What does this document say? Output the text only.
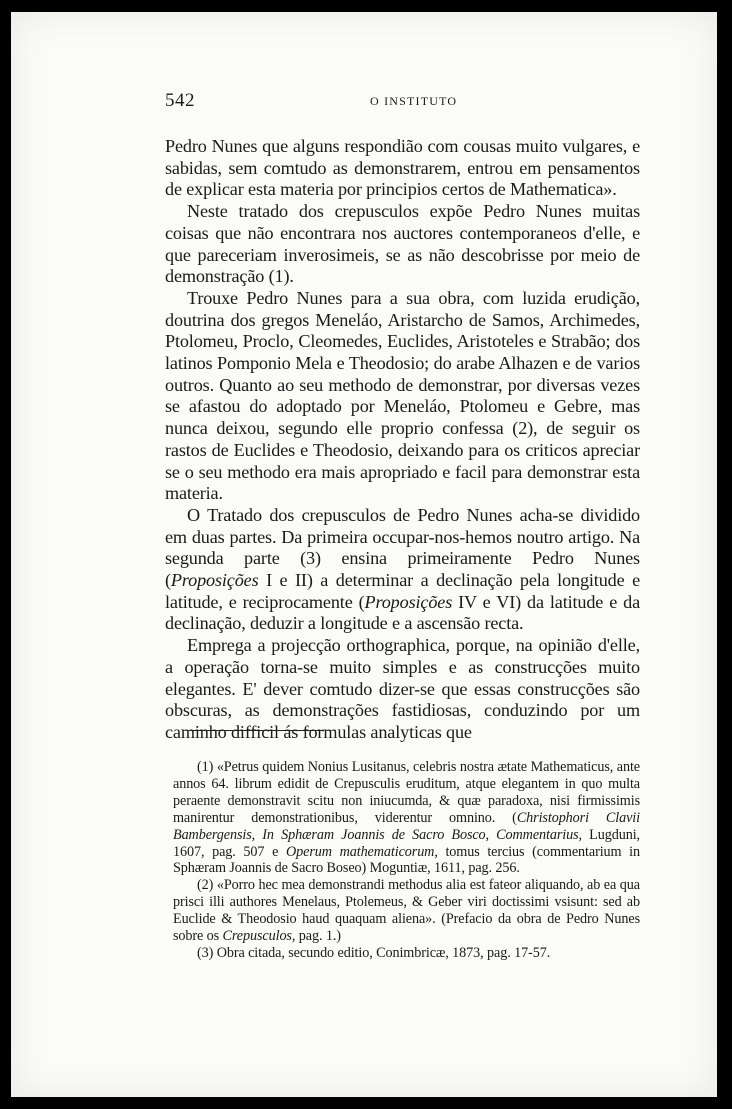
542	O INSTITUTO

Pedro Nunes que alguns respondião com cousas muito vulgares, e sabidas, sem comtudo as demonstrarem, entrou em pensamentos de explicar esta materia por principios certos de Mathematica».

Neste tratado dos crepusculos expõe Pedro Nunes muitas coisas que não encontrara nos auctores contemporaneos d'elle, e que pareceriam inverosimeis, se as não descobrisse por meio de demonstração (1).

Trouxe Pedro Nunes para a sua obra, com luzida erudição, doutrina dos gregos Meneláo, Aristarcho de Samos, Archimedes, Ptolomeu, Proclo, Cleomedes, Euclides, Aristoteles e Strabão; dos latinos Pomponio Mela e Theodosio; do arabe Alhazen e de varios outros. Quanto ao seu methodo de demonstrar, por diversas vezes se afastou do adoptado por Meneláo, Ptolomeu e Gebre, mas nunca deixou, segundo elle proprio confessa (2), de seguir os rastos de Euclides e Theodosio, deixando para os criticos apreciar se o seu methodo era mais apropriado e facil para demonstrar esta materia.

O Tratado dos crepusculos de Pedro Nunes acha-se dividido em duas partes. Da primeira occupar-nos-hemos noutro artigo. Na segunda parte (3) ensina primeiramente Pedro Nunes (Proposições I e II) a determinar a declinação pela longitude e latitude, e reciprocamente (Proposições IV e VI) da latitude e da declinação, deduzir a longitude e a ascensão recta.

Emprega a projecção orthographica, porque, na opinião d'elle, a operação torna-se muito simples e as construcções muito elegantes. E' dever comtudo dizer-se que essas construcções são obscuras, as demonstrações fastidiosas, conduzindo por um caminho difficil ás formulas analyticas que

(1) «Petrus quidem Nonius Lusitanus, celebris nostra ætate Mathematicus, ante annos 64. librum edidit de Crepusculis eruditum, atque elegantem in quo multa peraente demonstravit scitu non iniucumda, & quæ paradoxa, nisi firmissimis manirentur demonstrationibus, viderentur omnino. (Christophori Clavii Bambergensis, In Sphæram Joannis de Sacro Bosco, Commentarius, Lugduni, 1607, pag. 507 e Operum mathematicorum, tomus tercius (commentarium in Sphæram Joannis de Sacro Boseo) Moguntiæ, 1611, pag. 256.

(2) «Porro hec mea demonstrandi methodus alia est fateor aliquando, ab ea qua prisci illi authores Menelaus, Ptolemeus, & Geber viri doctissimi vsisunt: sed ab Euclide & Theodosio haud quaquam aliena». (Prefacio da obra de Pedro Nunes sobre os Crepusculos, pag. 1.)

(3) Obra citada, secundo editio, Conimbricæ, 1873, pag. 17-57.
